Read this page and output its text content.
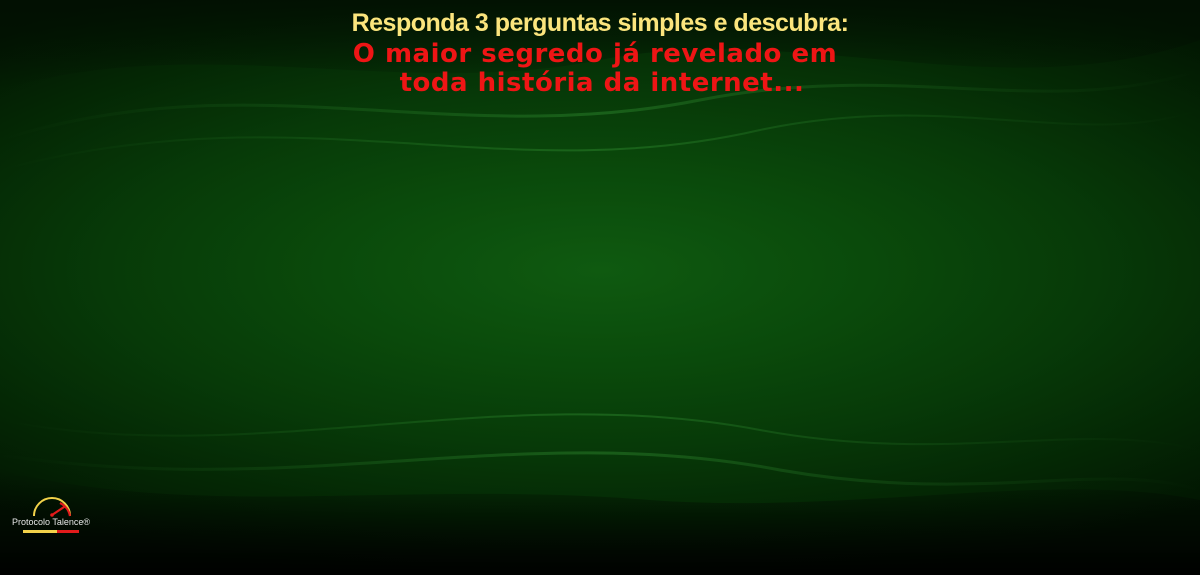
Responda 3 perguntas simples e descubra:
O maior segredo já revelado em
toda história da internet...
Protocolo Talence®
